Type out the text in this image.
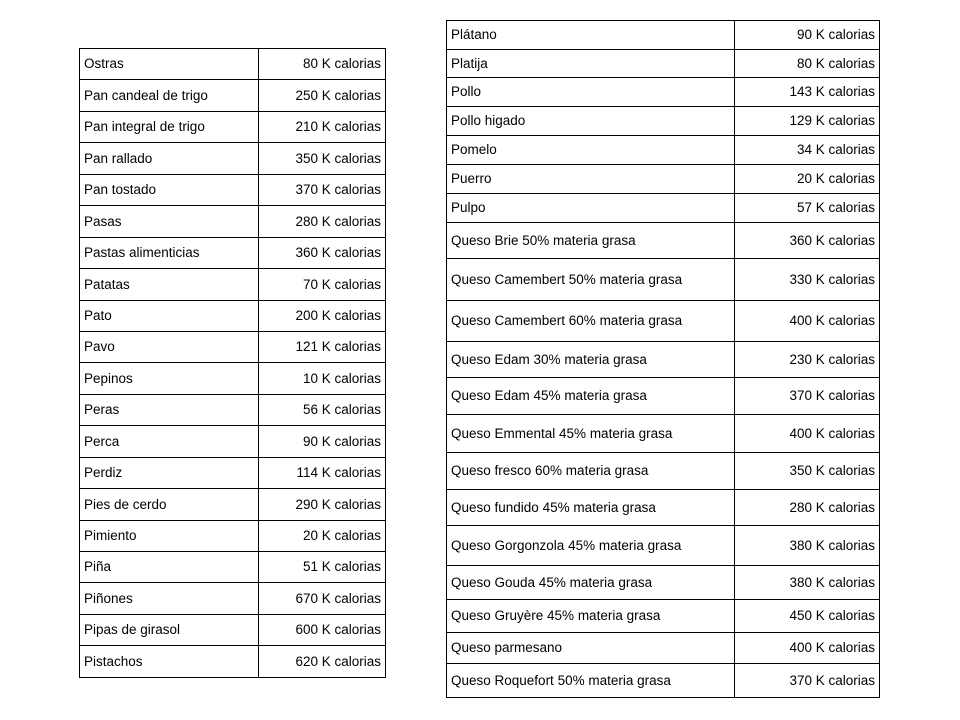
Ostras	80 K calorias
Pan candeal de trigo	250 K calorias
Pan integral de trigo	210 K calorias
Pan rallado	350 K calorias
Pan tostado	370 K calorias
Pasas	280 K calorias
Pastas alimenticias	360 K calorias
Patatas	70 K calorias
Pato	200 K calorias
Pavo	121 K calorias
Pepinos	10 K calorias
Peras	56 K calorias
Perca	90 K calorias
Perdiz	114 K calorias
Pies de cerdo	290 K calorias
Pimiento	20 K calorias
Piña	51 K calorias
Piñones	670 K calorias
Pipas de girasol	600 K calorias
Pistachos	620 K calorias
Plátano	90 K calorias
Platija	80 K calorias
Pollo	143 K calorias
Pollo higado	129 K calorias
Pomelo	34 K calorias
Puerro	20 K calorias
Pulpo	57 K calorias
Queso Brie 50% materia grasa	360 K calorias
Queso Camembert 50% materia grasa	330 K calorias
Queso Camembert 60% materia grasa	400 K calorias
Queso Edam 30% materia grasa	230 K calorias
Queso Edam 45% materia grasa	370 K calorias
Queso Emmental 45% materia grasa	400 K calorias
Queso fresco 60% materia grasa	350 K calorias
Queso fundido 45% materia grasa	280 K calorias
Queso Gorgonzola 45% materia grasa	380 K calorias
Queso Gouda 45% materia grasa	380 K calorias
Queso Gruyère 45% materia grasa	450 K calorias
Queso parmesano	400 K calorias
Queso Roquefort 50% materia grasa	370 K calorias
